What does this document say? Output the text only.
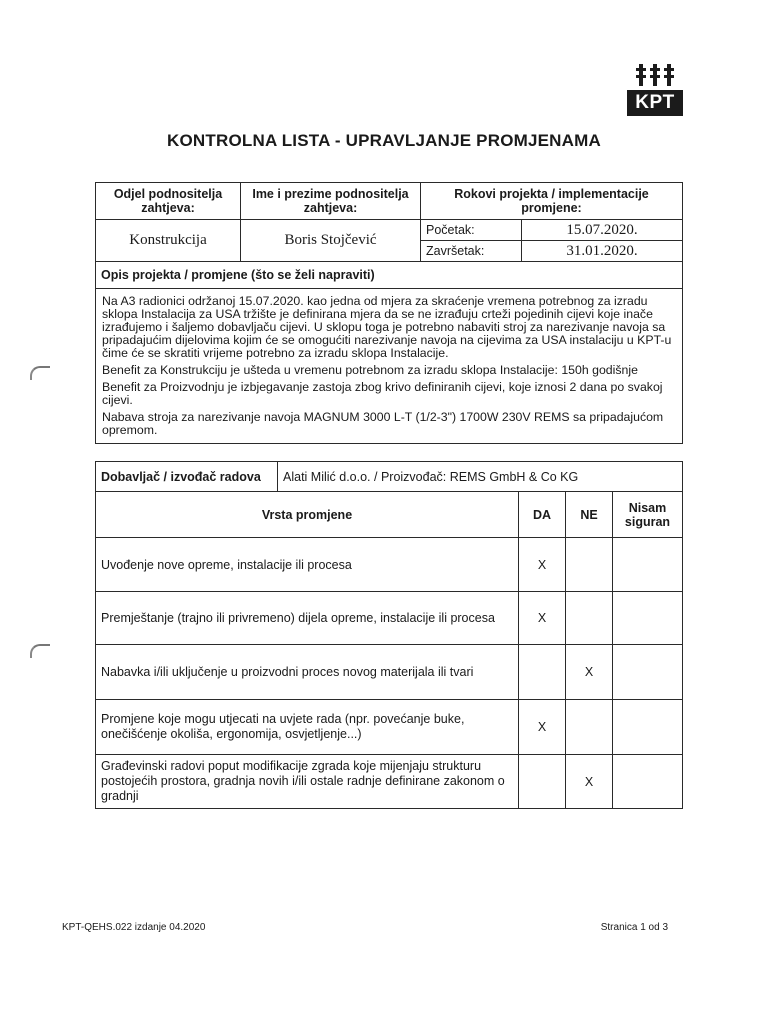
KPT
KONTROLNA LISTA - UPRAVLJANJE PROMJENAMA
Odjel podnositelja zahtjeva:	Ime i prezime podnositelja zahtjeva:	Rokovi projekta / implementacije promjene:	
Konstrukcija	Boris Stojčević	Početak:	15.07.2020.
		Završetak:	31.01.2020.
Opis projekta / promjene (što se želi napraviti)			

Na A3 radionici održanoj 15.07.2020. kao jedna od mjera za skraćenje vremena potrebnog za izradu sklopa Instalacija za USA tržište je definirana mjera da se ne izrađuju crteži pojedinih cijevi koje inače izrađujemo i šaljemo dobavljaču cijevi. U sklopu toga je potrebno nabaviti stroj za narezivanje navoja sa pripadajućim dijelovima kojim će se omogućiti narezivanje navoja na cijevima za USA instalaciju u KPT-u čime će se skratiti vrijeme potrebno za izradu sklopa Instalacije.

Benefit za Konstrukciju je ušteda u vremenu potrebnom za izradu sklopa Instalacije: 150h godišnje

Benefit za Proizvodnju je izbjegavanje zastoja zbog krivo definiranih cijevi, koje iznosi 2 dana po svakoj cijevi.

Nabava stroja za narezivanje navoja MAGNUM 3000 L-T (1/2-3") 1700W 230V REMS sa pripadajućom opremom.			

Dobavljač / izvođač radova	Alati Milić d.o.o. / Proizvođač: REMS GmbH & Co KG
Vrsta promjene	DA	NE	Nisam siguran
Uvođenje nove opreme, instalacije ili procesa	X		
Premještanje (trajno ili privremeno) dijela opreme, instalacije ili procesa	X		
Nabavka i/ili uključenje u proizvodni proces novog materijala ili tvari		X	
Promjene koje mogu utjecati na uvjete rada (npr. povećanje buke, onečišćenje okoliša, ergonomija, osvjetljenje...)	X		
Građevinski radovi poput modifikacije zgrada koje mijenjaju strukturu postojećih prostora, gradnja novih i/ili ostale radnje definirane zakonom o gradnji		X	
KPT-QEHS.022 izdanje 04.2020	Stranica 1 od 3
